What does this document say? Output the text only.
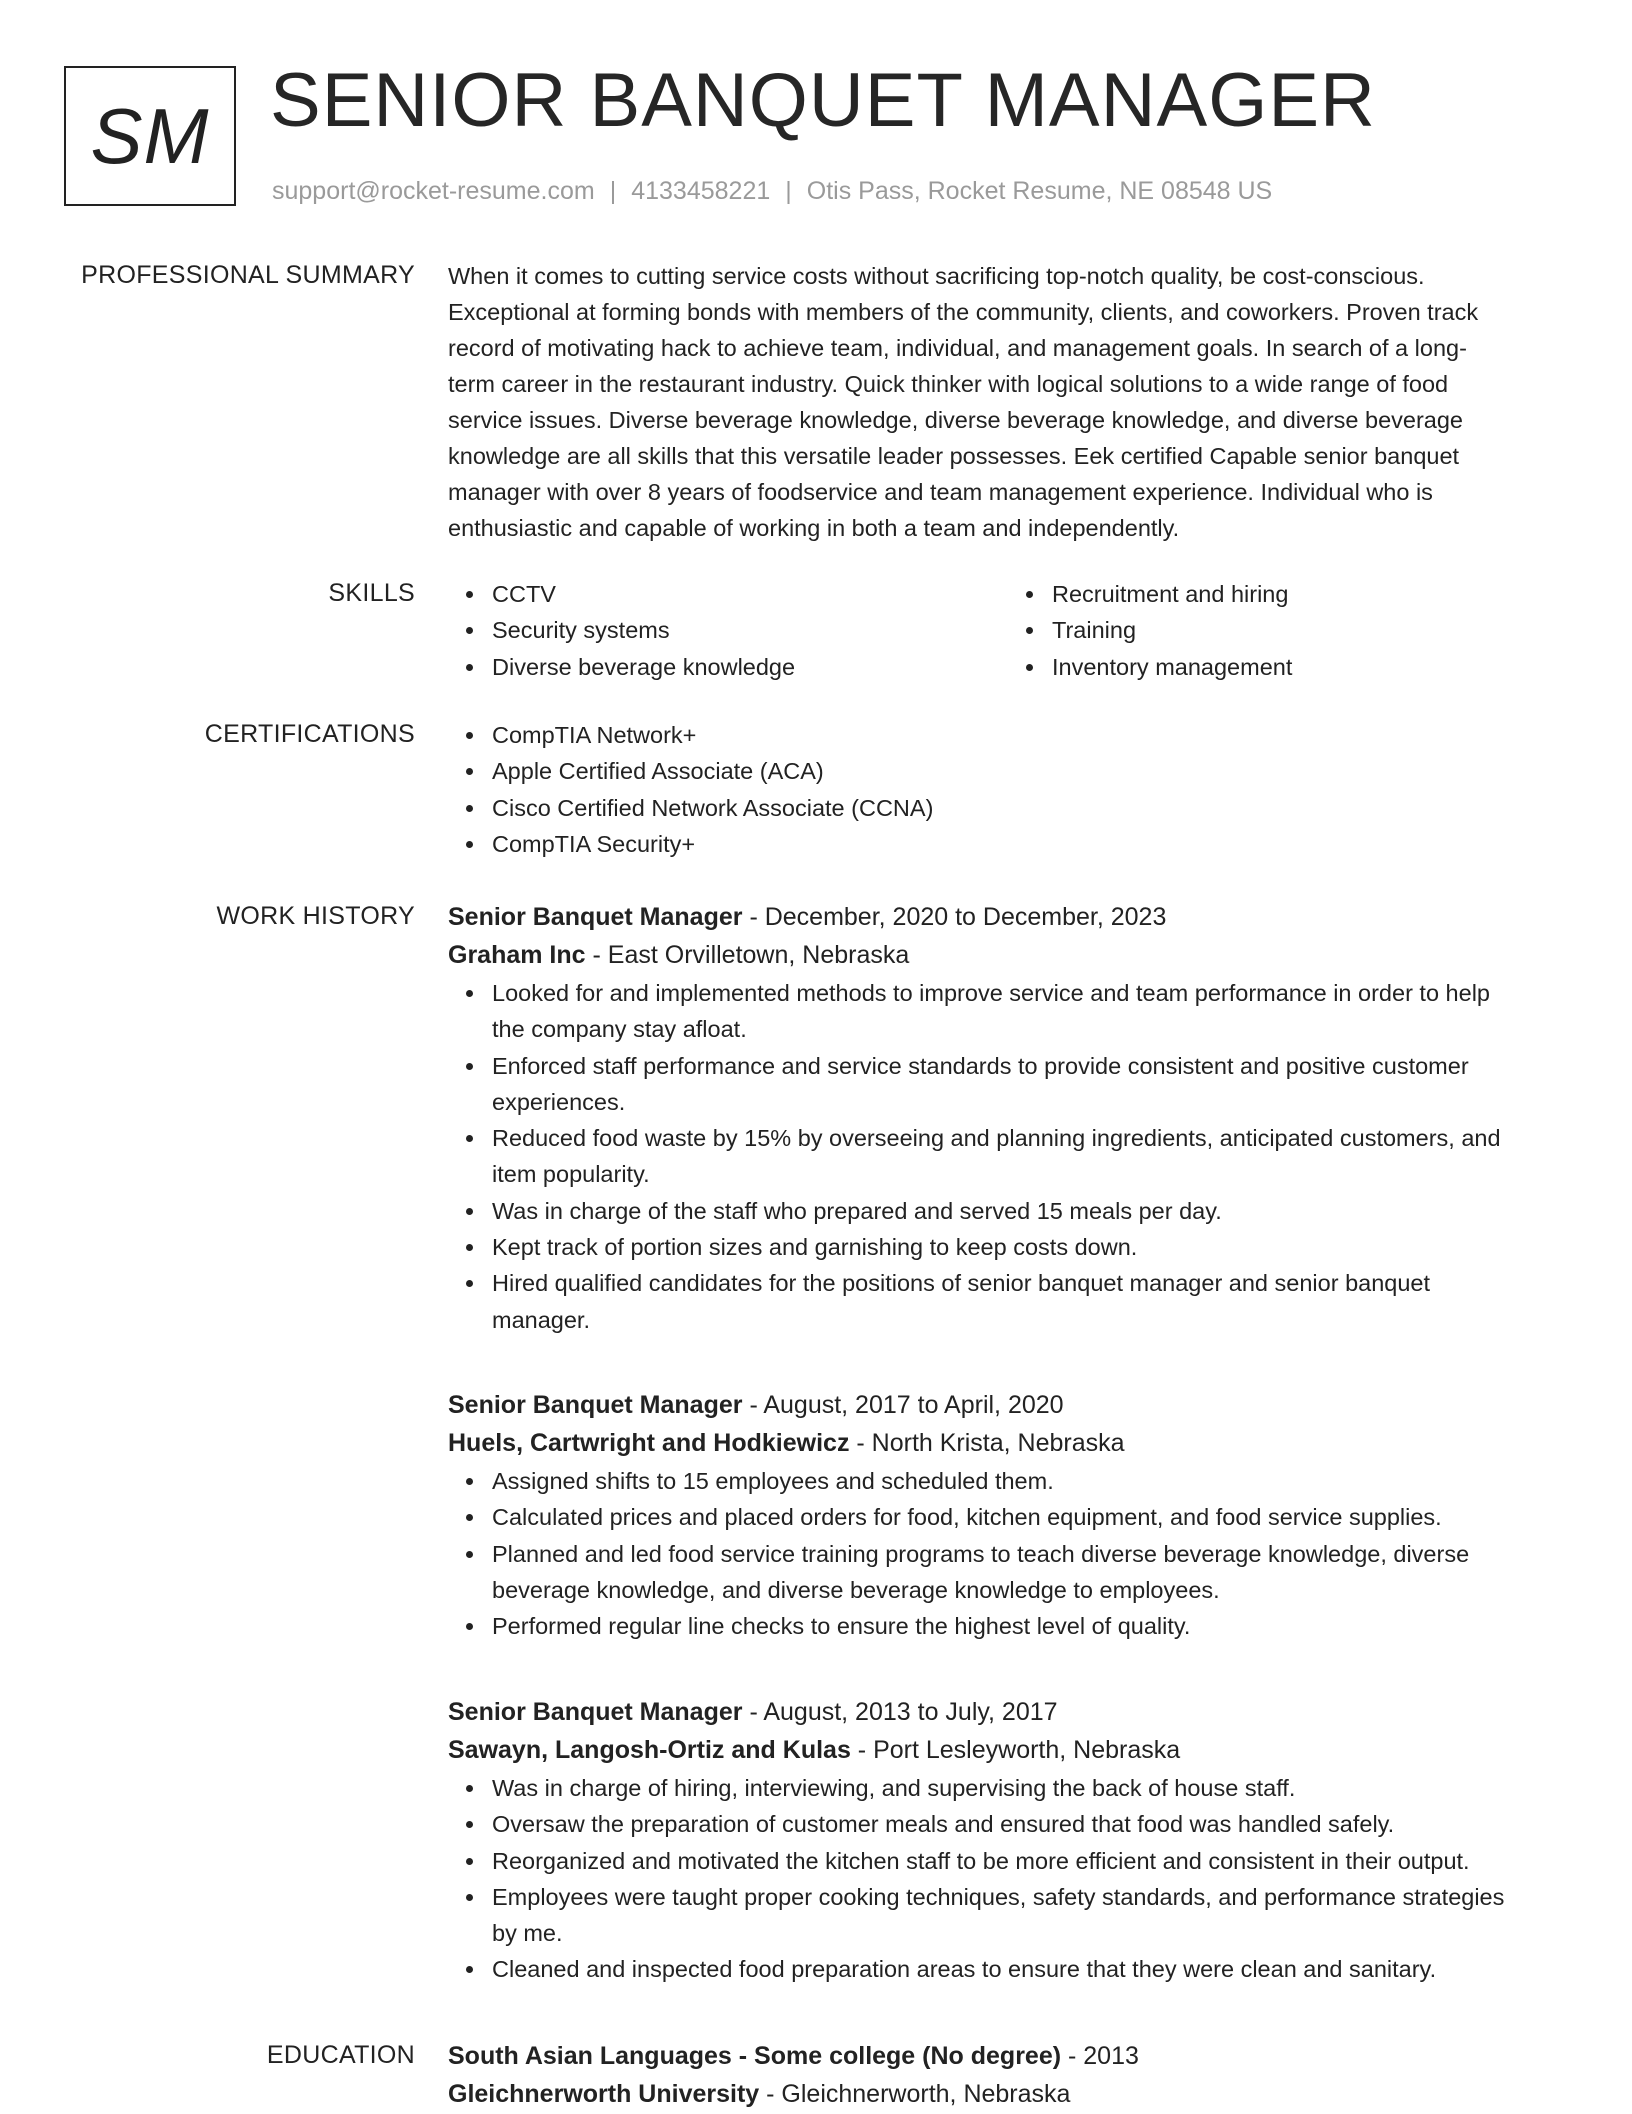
SM SENIOR BANQUET MANAGER
support@rocket-resume.com | 4133458221 | Otis Pass, Rocket Resume, NE 08548 US
PROFESSIONAL SUMMARY When it comes to cutting service costs without sacrificing top-notch quality, be cost-conscious.
Exceptional at forming bonds with members of the community, clients, and coworkers. Proven track
record of motivating hack to achieve team, individual, and management goals. In search of a long-
term career in the restaurant industry. Quick thinker with logical solutions to a wide range of food
service issues. Diverse beverage knowledge, diverse beverage knowledge, and diverse beverage
knowledge are all skills that this versatile leader possesses. Eek certified Capable senior banquet
manager with over 8 years of foodservice and team management experience. Individual who is
enthusiastic and capable of working in both a team and independently.
SKILLS	CCTV
Security systems
Diverse beverage knowledge
Recruitment and hiring
Training
Inventory management
CERTIFICATIONS	CompTIA Network+
Apple Certified Associate (ACA)
Cisco Certified Network Associate (CCNA)
CompTIA Security+
WORK HISTORY Senior Banquet Manager - December, 2020 to December, 2023
Graham Inc - East Orvilletown, Nebraska
Looked for and implemented methods to improve service and team performance in order to help
the company stay afloat.
Enforced staff performance and service standards to provide consistent and positive customer
experiences.
Reduced food waste by 15% by overseeing and planning ingredients, anticipated customers, and
item popularity.
Was in charge of the staff who prepared and served 15 meals per day.
Kept track of portion sizes and garnishing to keep costs down.
Hired qualified candidates for the positions of senior banquet manager and senior banquet
manager.
Senior Banquet Manager - August, 2017 to April, 2020
Huels, Cartwright and Hodkiewicz - North Krista, Nebraska
Assigned shifts to 15 employees and scheduled them.
Calculated prices and placed orders for food, kitchen equipment, and food service supplies.
Planned and led food service training programs to teach diverse beverage knowledge, diverse
beverage knowledge, and diverse beverage knowledge to employees.
Performed regular line checks to ensure the highest level of quality.
Senior Banquet Manager - August, 2013 to July, 2017
Sawayn, Langosh-Ortiz and Kulas - Port Lesleyworth, Nebraska
Was in charge of hiring, interviewing, and supervising the back of house staff.
Oversaw the preparation of customer meals and ensured that food was handled safely.
Reorganized and motivated the kitchen staff to be more efficient and consistent in their output.
Employees were taught proper cooking techniques, safety standards, and performance strategies
by me.
Cleaned and inspected food preparation areas to ensure that they were clean and sanitary.
EDUCATION South Asian Languages - Some college (No degree) - 2013
Gleichnerworth University - Gleichnerworth, Nebraska
